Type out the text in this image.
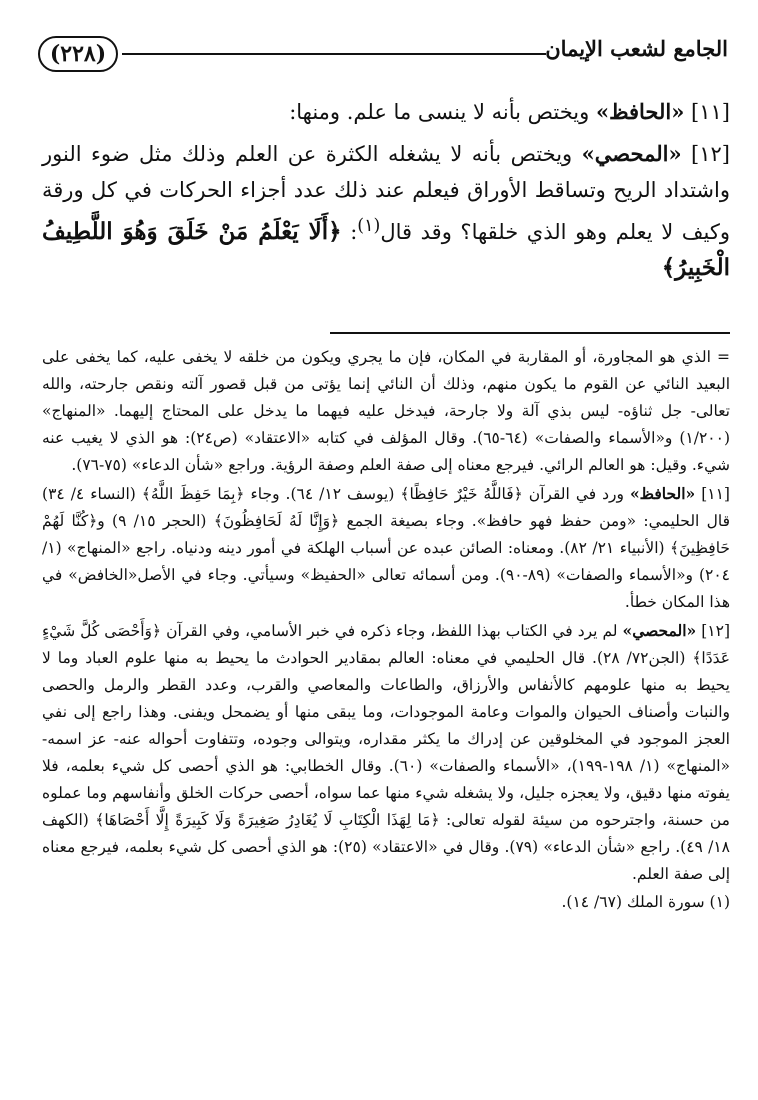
(٢٢٨)	الجامع لشعب الإيمان

[١١] «الحافظ» ويختص بأنه لا ينسى ما علم. ومنها:

[١٢] «المحصي» ويختص بأنه لا يشغله الكثرة عن العلم وذلك مثل ضوء النور واشتداد الريح وتساقط الأوراق فيعلم عند ذلك عدد أجزاء الحركات في كل ورقة وكيف لا يعلم وهو الذي خلقها؟ وقد قال$^{(١)}$: ﴿أَلَا يَعْلَمُ مَنْ خَلَقَ وَهُوَ اللَّطِيفُ الْخَبِيرُ﴾

= الذي هو المجاورة، أو المقاربة في المكان، فإن ما يجري ويكون من خلقه لا يخفى عليه، كما يخفى على البعيد النائي عن القوم ما يكون منهم، وذلك أن النائي إنما يؤتى من قبل قصور آلته ونقص جارحته، والله تعالى- جل ثناؤه- ليس بذي آلة ولا جارحة، فيدخل عليه فيهما ما يدخل على المحتاج إليهما. «المنهاج» (١/٢٠٠) و«الأسماء والصفات» (٦٤-٦٥). وقال المؤلف في كتابه «الاعتقاد» (ص٢٤): هو الذي لا يغيب عنه شيء. وقيل: هو العالم الرائي. فيرجع معناه إلى صفة العلم وصفة الرؤية. وراجع «شأن الدعاء» (٧٥-٧٦).

[١١] «الحافظ» ورد في القرآن ﴿فَاللَّهُ خَيْرٌ حَافِظًا﴾ (يوسف ١٢/ ٦٤). وجاء ﴿بِمَا حَفِظَ اللَّهُ﴾ (النساء ٤/ ٣٤) قال الحليمي: «ومن حفظ فهو حافظ». وجاء بصيغة الجمع ﴿وَإِنَّا لَهُ لَحَافِظُونَ﴾ (الحجر ١٥/ ٩) و﴿كُنَّا لَهُمْ حَافِظِينَ﴾ (الأنبياء ٢١/ ٨٢). ومعناه: الصائن عبده عن أسباب الهلكة في أمور دينه ودنياه. راجع «المنهاج» (١/ ٢٠٤) و«الأسماء والصفات» (٨٩-٩٠). ومن أسمائه تعالى «الحفيظ» وسيأتي. وجاء في الأصل«الخافض» في هذا المكان خطأ.

[١٢] «المحصي» لم يرد في الكتاب بهذا اللفظ، وجاء ذكره في خبر الأسامي، وفي القرآن ﴿وَأَحْصَى كُلَّ شَيْءٍ عَدَدًا﴾ (الجن٧٢/ ٢٨). قال الحليمي في معناه: العالم بمقادير الحوادث ما يحيط به منها علوم العباد وما لا يحيط به منها علومهم كالأنفاس والأرزاق، والطاعات والمعاصي والقرب، وعدد القطر والرمل والحصى والنبات وأصناف الحيوان والموات وعامة الموجودات، وما يبقى منها أو يضمحل ويفنى. وهذا راجع إلى نفي العجز الموجود في المخلوقين عن إدراك ما يكثر مقداره، ويتوالى وجوده، وتتفاوت أحواله عنه- عز اسمه- «المنهاج» (١/ ١٩٨-١٩٩)، «الأسماء والصفات» (٦٠). وقال الخطابي: هو الذي أحصى كل شيء بعلمه، فلا يفوته منها دقيق، ولا يعجزه جليل، ولا يشغله شيء منها عما سواه، أحصى حركات الخلق وأنفاسهم وما عملوه من حسنة، واجترحوه من سيئة لقوله تعالى: ﴿مَا لِهَذَا الْكِتَابِ لَا يُغَادِرُ صَغِيرَةً وَلَا كَبِيرَةً إِلَّا أَحْصَاهَا﴾ (الكهف ١٨/ ٤٩). راجع «شأن الدعاء» (٧٩). وقال في «الاعتقاد» (٢٥): هو الذي أحصى كل شيء بعلمه، فيرجع معناه إلى صفة العلم.

(١) سورة الملك (٦٧/ ١٤).
